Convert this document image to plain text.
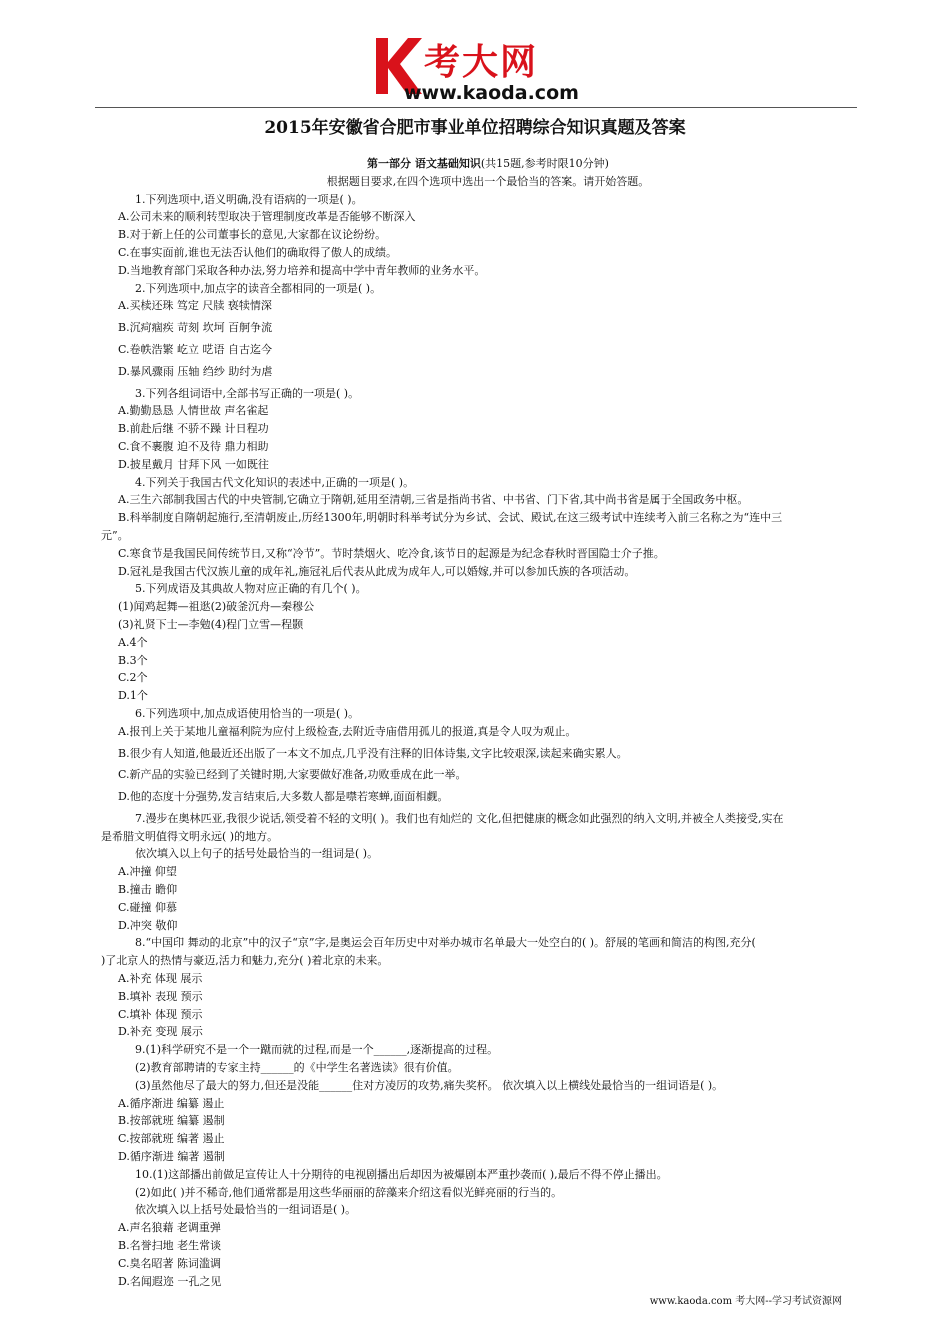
考大网
www.kaoda.com
2015年安徽省合肥市事业单位招聘综合知识真题及答案
第一部分 语文基础知识(共15题,参考时限10分钟)
根据题目要求,在四个选项中选出一个最恰当的答案。请开始答题。
1.下列选项中,语义明确,没有语病的一项是( )。
A.公司未来的顺利转型取决于管理制度改革是否能够不断深入
B.对于新上任的公司董事长的意见,大家都在议论纷纷。
C.在事实面前,谁也无法否认他们的确取得了傲人的成绩。
D.当地教育部门采取各种办法,努力培养和提高中学中青年教师的业务水平。
2.下列选项中,加点字的读音全都相同的一项是( )。
A.买椟还珠 笃定 尺牍 亵犊情深
B.沉疴痼疾 苛刻 坎坷 百舸争流
C.卷帙浩繁 屹立 呓语 自古迄今
D.暴风骤雨 压轴 绉纱 助纣为虐
3.下列各组词语中,全部书写正确的一项是( )。
A.勤勤恳恳 人情世故 声名雀起
B.前赴后继 不骄不躁 计日程功
C.食不裹腹 迫不及待 鼎力相助
D.披星戴月 甘拜下风 一如既往
4.下列关于我国古代文化知识的表述中,正确的一项是( )。
A.三生六部制我国古代的中央管制,它确立于隋朝,延用至清朝,三省是指尚书省、中书省、门下省,其中尚书省是属于全国政务中枢。
B.科举制度自隋朝起施行,至清朝废止,历经1300年,明朝时科举考试分为乡试、会试、殿试,在这三级考试中连续考入前三名称之为“连中三
元”。
C.寒食节是我国民间传统节日,又称“冷节”。节时禁烟火、吃冷食,该节日的起源是为纪念春秋时晋国隐士介子推。
D.冠礼是我国古代汉族儿童的成年礼,施冠礼后代表从此成为成年人,可以婚嫁,并可以参加氏族的各项活动。
5.下列成语及其典故人物对应正确的有几个( )。
(1)闻鸡起舞—祖逖(2)破釜沉舟—秦穆公
(3)礼贤下士—李勉(4)程门立雪—程颢
A.4个
B.3个
C.2个
D.1个
6.下列选项中,加点成语使用恰当的一项是( )。
A.报刊上关于某地儿童福利院为应付上级检查,去附近寺庙借用孤儿的报道,真是令人叹为观止。
B.很少有人知道,他最近还出版了一本文不加点,几乎没有注释的旧体诗集,文字比较艰深,读起来确实累人。
C.新产品的实验已经到了关键时期,大家要做好准备,功败垂成在此一举。
D.他的态度十分强势,发言结束后,大多数人都是噤若寒蝉,面面相觑。
7.漫步在奥林匹亚,我很少说话,领受着不轻的文明( )。我们也有灿烂的 文化,但把健康的概念如此强烈的纳入文明,并被全人类接受,实在
是希腊文明值得文明永远( )的地方。
依次填入以上句子的括号处最恰当的一组词是( )。
A.冲撞 仰望
B.撞击 瞻仰
C.碰撞 仰慕
D.冲突 敬仰
8.“中国印 舞动的北京”中的汉子“京”字,是奥运会百年历史中对举办城市名单最大一处空白的( )。舒展的笔画和简洁的构图,充分(
)了北京人的热情与豪迈,活力和魅力,充分( )着北京的未来。
A.补充 体现 展示
B.填补 表现 预示
C.填补 体现 预示
D.补充 变现 展示
9.(1)科学研究不是一个一蹴而就的过程,而是一个______,逐渐提高的过程。
(2)教育部聘请的专家主持______的《中学生名著选读》很有价值。
(3)虽然他尽了最大的努力,但还是没能______住对方凌厉的攻势,痛失奖杯。 依次填入以上横线处最恰当的一组词语是( )。
A.循序渐进 编纂 遏止
B.按部就班 编纂 遏制
C.按部就班 编著 遏止
D.循序渐进 编著 遏制
10.(1)这部播出前做足宣传让人十分期待的电视剧播出后却因为被爆剧本严重抄袭而( ),最后不得不停止播出。
(2)如此( )并不稀奇,他们通常都是用这些华丽丽的辞藻来介绍这看似光鲜亮丽的行当的。
依次填入以上括号处最恰当的一组词语是( )。
A.声名狼藉 老调重弹
B.名誉扫地 老生常谈
C.臭名昭著 陈词滥调
D.名闻遐迩 一孔之见
www.kaoda.com 考大网--学习考试资源网
